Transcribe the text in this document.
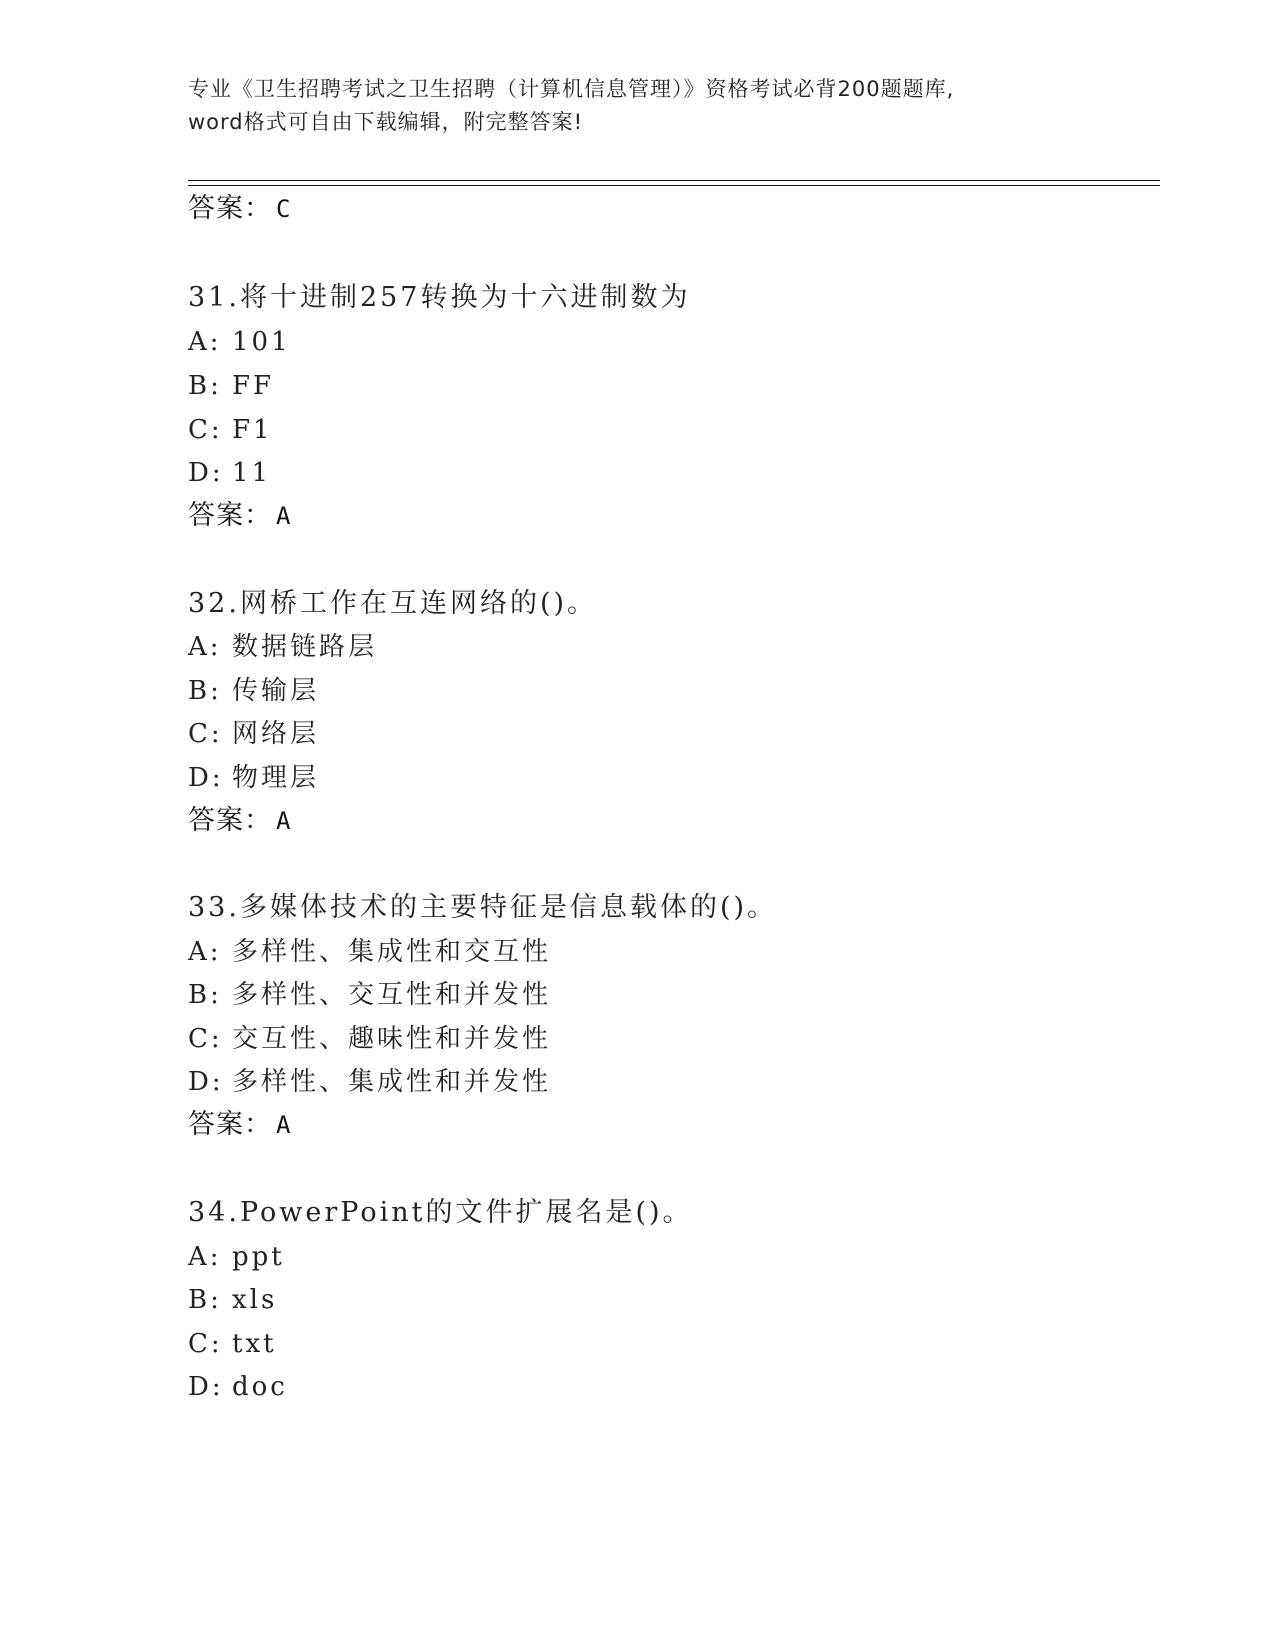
专业《卫生招聘考试之卫生招聘（计算机信息管理）》资格考试必背200题题库,
word格式可自由下载编辑，附完整答案!
答案： C
31.将十进制257转换为十六进制数为
A: 101
B: FF
C: F1
D: 11
答案： A
32.网桥工作在互连网络的()。
A: 数据链路层
B: 传输层
C: 网络层
D: 物理层
答案： A
33.多媒体技术的主要特征是信息载体的()。
A: 多样性、集成性和交互性
B: 多样性、交互性和并发性
C: 交互性、趣味性和并发性
D: 多样性、集成性和并发性
答案： A
34.PowerPoint的文件扩展名是()。
A: ppt
B: xls
C: txt
D: doc
